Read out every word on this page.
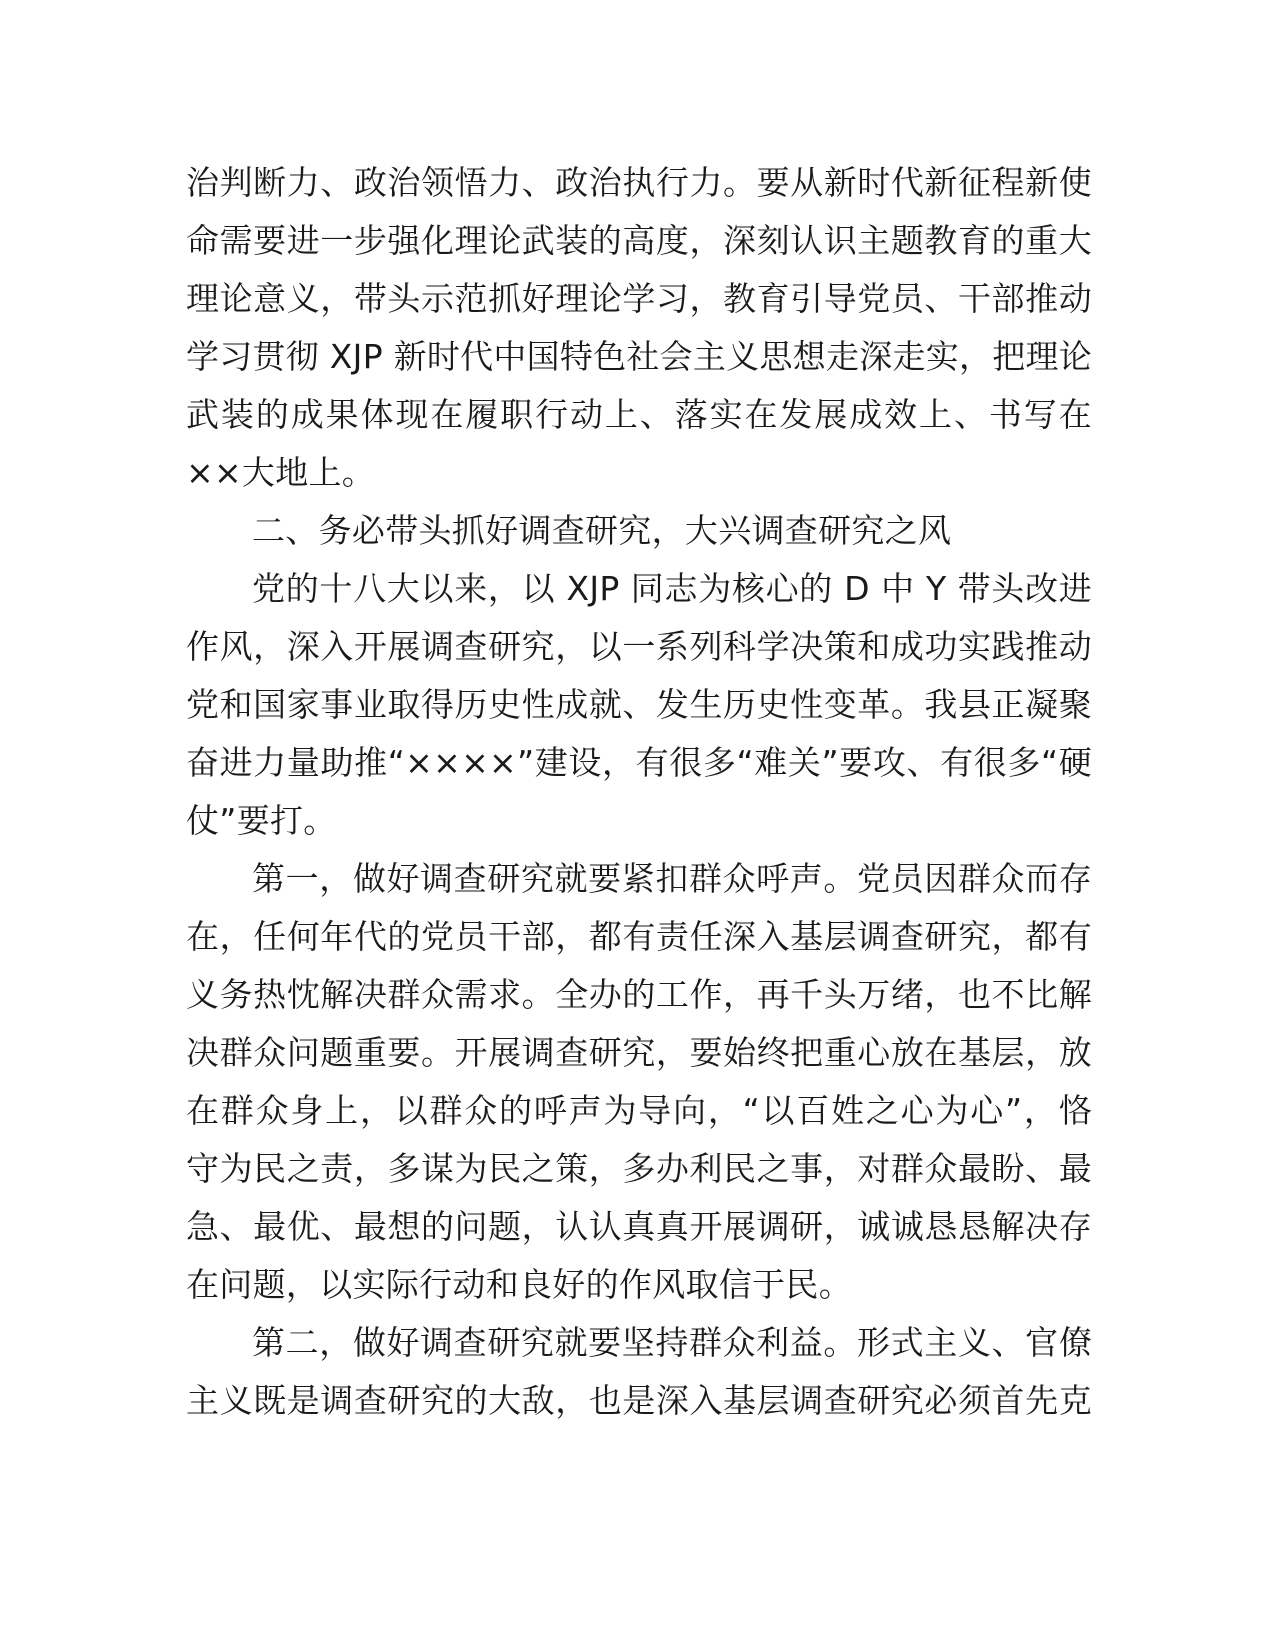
治判断力、政治领悟力、政治执行力。要从新时代新征程新使
命需要进一步强化理论武装的高度，深刻认识主题教育的重大
理论意义，带头示范抓好理论学习，教育引导党员、干部推动
学习贯彻 XJP 新时代中国特色社会主义思想走深走实，把理论
武装的成果体现在履职行动上、落实在发展成效上、书写在
××大地上。

二、务必带头抓好调查研究，大兴调查研究之风

党的十八大以来，以 XJP 同志为核心的 D 中 Y 带头改进
作风，深入开展调查研究，以一系列科学决策和成功实践推动
党和国家事业取得历史性成就、发生历史性变革。我县正凝聚
奋进力量助推“××××”建设，有很多“难关”要攻、有很多“硬
仗”要打。

第一，做好调查研究就要紧扣群众呼声。党员因群众而存
在，任何年代的党员干部，都有责任深入基层调查研究，都有
义务热忱解决群众需求。全办的工作，再千头万绪，也不比解
决群众问题重要。开展调查研究，要始终把重心放在基层，放
在群众身上，以群众的呼声为导向，“以百姓之心为心”，恪
守为民之责，多谋为民之策，多办利民之事，对群众最盼、最
急、最优、最想的问题，认认真真开展调研，诚诚恳恳解决存
在问题，以实际行动和良好的作风取信于民。

第二，做好调查研究就要坚持群众利益。形式主义、官僚
主义既是调查研究的大敌，也是深入基层调查研究必须首先克
